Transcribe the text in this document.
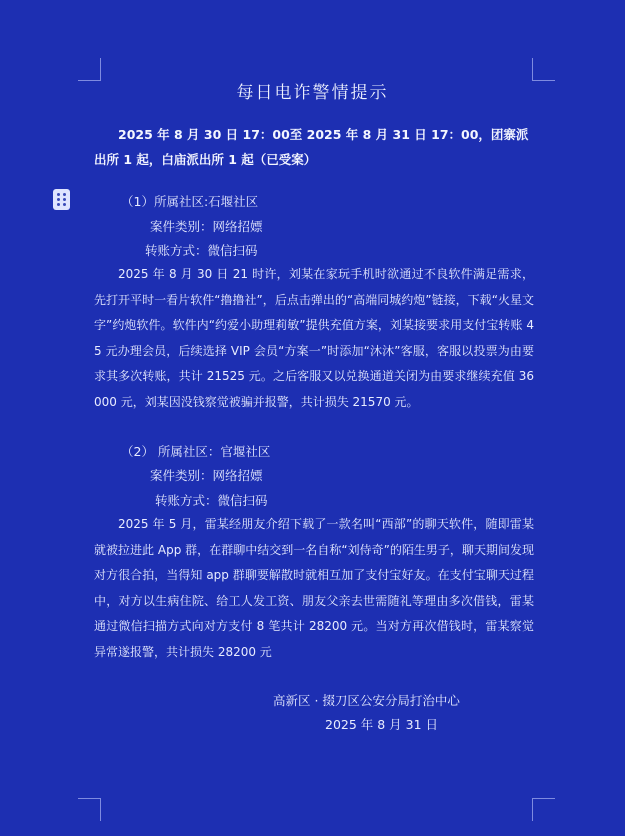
每日电诈警情提示
2025 年 8 月 30 日 17：00至 2025 年 8 月 31 日 17：00，团寨派出所 1 起，白庙派出所 1 起（已受案）
（1）所属社区:石堰社区
案件类别：网络招嫖
转账方式：微信扫码
2025 年 8 月 30 日 21 时许，刘某在家玩手机时欲通过不良软件满足需求，先打开平时一看片软件“撸撸社”，后点击弹出的“高端同城约炮”链接，下载“火星文字”约炮软件。软件内“约爱小助理莉敏”提供充值方案，刘某接要求用支付宝转账 45 元办理会员，后续选择 VIP 会员“方案一”时添加“沐沐”客服，客服以投票为由要求其多次转账，共计 21525 元。之后客服又以兑换通道关闭为由要求继续充值 36000 元，刘某因没钱察觉被骗并报警，共计损失 21570 元。
（2） 所属社区：官堰社区
案件类别：网络招嫖
转账方式：微信扫码
2025 年 5 月，雷某经朋友介绍下载了一款名叫“西部”的聊天软件，随即雷某就被拉进此 App 群，在群聊中结交到一名自称“刘侍奇”的陌生男子，聊天期间发现对方很合拍，当得知 app 群聊要解散时就相互加了支付宝好友。在支付宝聊天过程中，对方以生病住院、给工人发工资、朋友父亲去世需随礼等理由多次借钱，雷某通过微信扫描方式向对方支付 8 笔共计 28200 元。当对方再次借钱时，雷某察觉异常遂报警，共计损失 28200 元
高新区 · 掇刀区公安分局打治中心
2025 年 8 月 31 日
